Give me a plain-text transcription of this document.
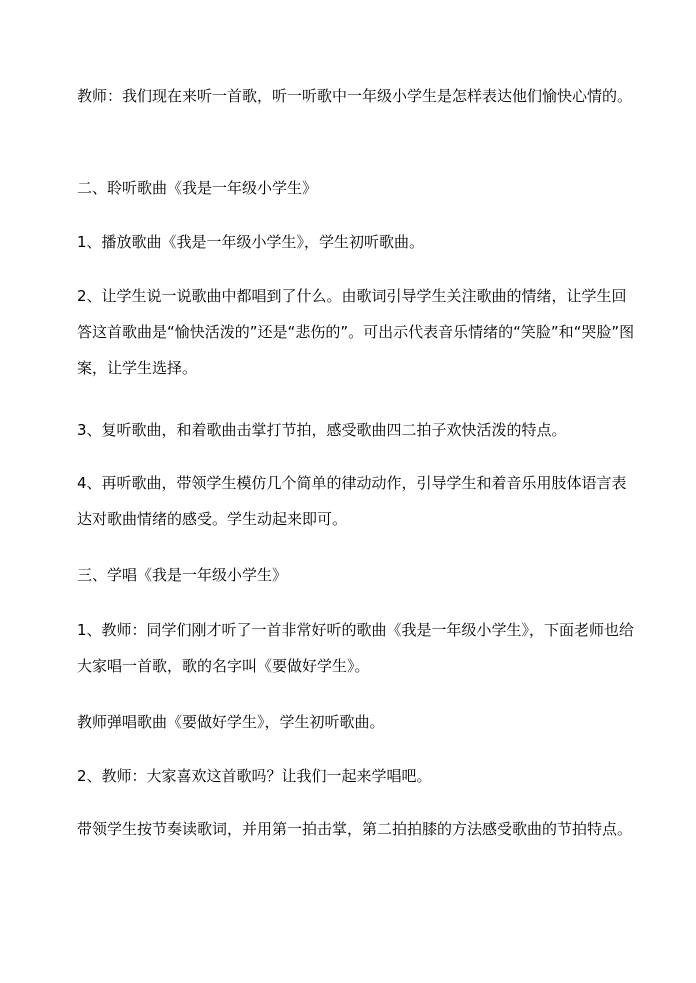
教师：我们现在来听一首歌，听一听歌中一年级小学生是怎样表达他们愉快心情的。

二、聆听歌曲《我是一年级小学生》

1、播放歌曲《我是一年级小学生》，学生初听歌曲。

2、让学生说一说歌曲中都唱到了什么。由歌词引导学生关注歌曲的情绪，让学生回答这首歌曲是“愉快活泼的”还是“悲伤的”。可出示代表音乐情绪的“笑脸”和“哭脸”图案，让学生选择。

3、复听歌曲，和着歌曲击掌打节拍，感受歌曲四二拍子欢快活泼的特点。

4、再听歌曲，带领学生模仿几个简单的律动动作，引导学生和着音乐用肢体语言表达对歌曲情绪的感受。学生动起来即可。

三、学唱《我是一年级小学生》

1、教师：同学们刚才听了一首非常好听的歌曲《我是一年级小学生》，下面老师也给大家唱一首歌，歌的名字叫《要做好学生》。

教师弹唱歌曲《要做好学生》，学生初听歌曲。

2、教师：大家喜欢这首歌吗？让我们一起来学唱吧。

带领学生按节奏读歌词，并用第一拍击掌，第二拍拍膝的方法感受歌曲的节拍特点。
